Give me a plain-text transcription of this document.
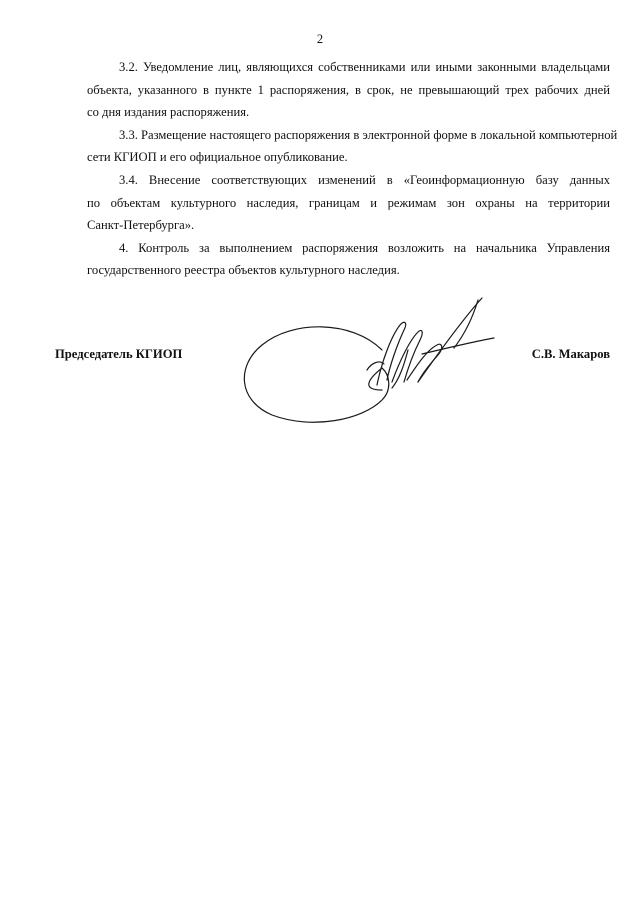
2
3.2. Уведомление лиц, являющихся собственниками или иными законными владельцами
объекта, указанного в пункте 1 распоряжения, в срок, не превышающий трех рабочих дней
со дня издания распоряжения.
3.3. Размещение настоящего распоряжения в электронной форме в локальной компьютерной
сети КГИОП и его официальное опубликование.
3.4. Внесение соответствующих изменений в «Геоинформационную базу данных
по объектам культурного наследия, границам и режимам зон охраны на территории
Санкт-Петербурга».
4. Контроль за выполнением распоряжения возложить на начальника Управления
государственного реестра объектов культурного наследия.
Председатель КГИОП	С.В. Макаров
